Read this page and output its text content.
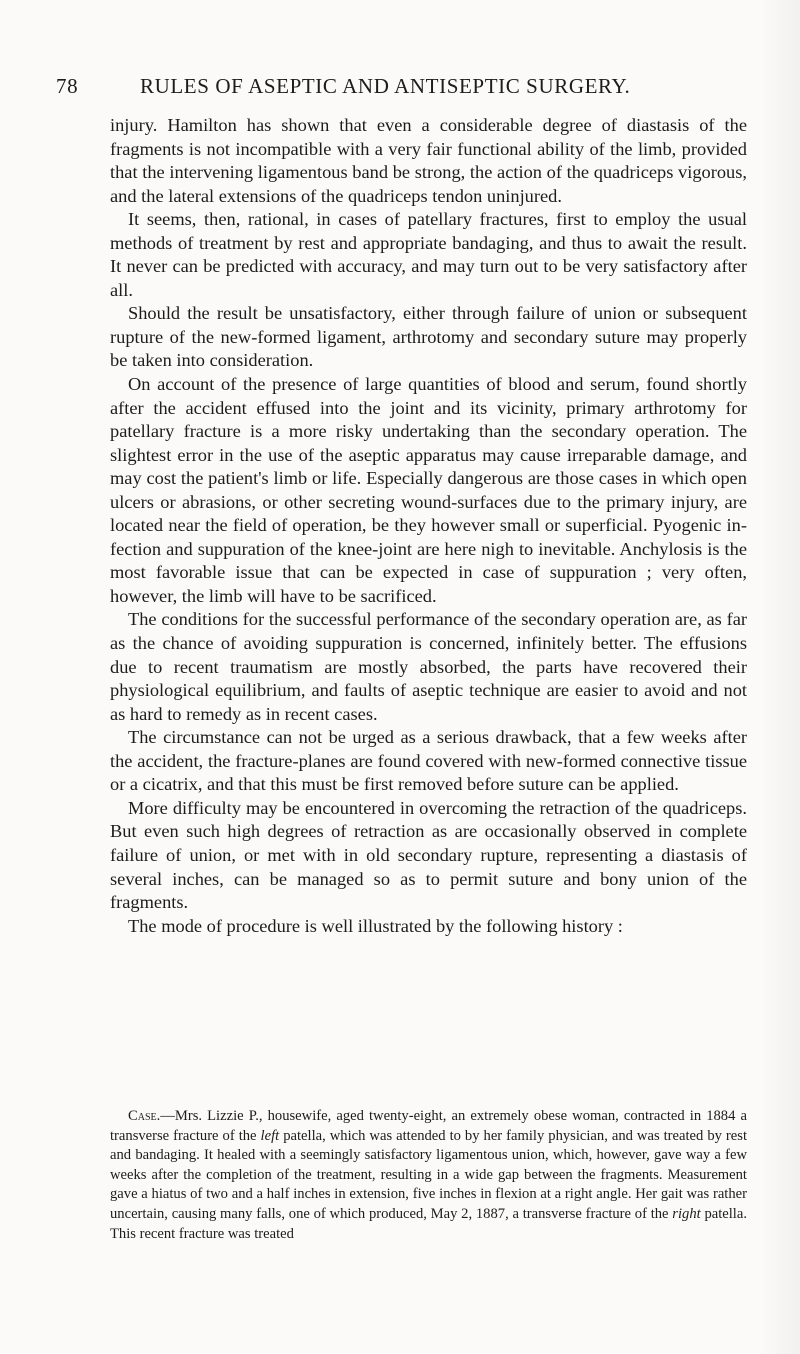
78	RULES OF ASEPTIC AND ANTISEPTIC SURGERY.

injury. Hamilton has shown that even a considerable degree of diastasis of the fragments is not incompatible with a very fair functional ability of the limb, provided that the intervening ligamentous band be strong, the action of the quadriceps vigorous, and the lateral extensions of the quadriceps tendon uninjured.

It seems, then, rational, in cases of patellary fractures, first to employ the usual methods of treatment by rest and appropriate bandaging, and thus to await the result. It never can be predicted with accuracy, and may turn out to be very satisfactory after all.

Should the result be unsatisfactory, either through failure of union or subsequent rupture of the new-formed ligament, arthrotomy and secondary suture may properly be taken into consideration.

On account of the presence of large quantities of blood and serum, found shortly after the accident effused into the joint and its vicinity, primary arthrotomy for patellary fracture is a more risky undertaking than the secondary operation. The slightest error in the use of the aseptic apparatus may cause irreparable damage, and may cost the patient's limb or life. Especially dangerous are those cases in which open ulcers or abrasions, or other secreting wound-surfaces due to the primary injury, are located near the field of operation, be they however small or superficial. Pyogenic infection and suppuration of the knee-joint are here nigh to inevitable. Anchylosis is the most favorable issue that can be expected in case of suppuration ; very often, however, the limb will have to be sacrificed.

The conditions for the successful performance of the secondary operation are, as far as the chance of avoiding suppuration is concerned, infinitely better. The effusions due to recent traumatism are mostly absorbed, the parts have recovered their physiological equilibrium, and faults of aseptic technique are easier to avoid and not as hard to remedy as in recent cases.

The circumstance can not be urged as a serious drawback, that a few weeks after the accident, the fracture-planes are found covered with new-formed connective tissue or a cicatrix, and that this must be first removed before suture can be applied.

More difficulty may be encountered in overcoming the retraction of the quadriceps. But even such high degrees of retraction as are occasionally observed in complete failure of union, or met with in old secondary rupture, representing a diastasis of several inches, can be managed so as to permit suture and bony union of the fragments.

The mode of procedure is well illustrated by the following history :

Case.—Mrs. Lizzie P., housewife, aged twenty-eight, an extremely obese woman, contracted in 1884 a transverse fracture of the left patella, which was attended to by her family physician, and was treated by rest and bandaging. It healed with a seemingly satisfactory ligamentous union, which, however, gave way a few weeks after the completion of the treatment, resulting in a wide gap between the fragments. Measurement gave a hiatus of two and a half inches in extension, five inches in flexion at a right angle. Her gait was rather uncertain, causing many falls, one of which produced, May 2, 1887, a transverse fracture of the right patella. This recent fracture was treated
